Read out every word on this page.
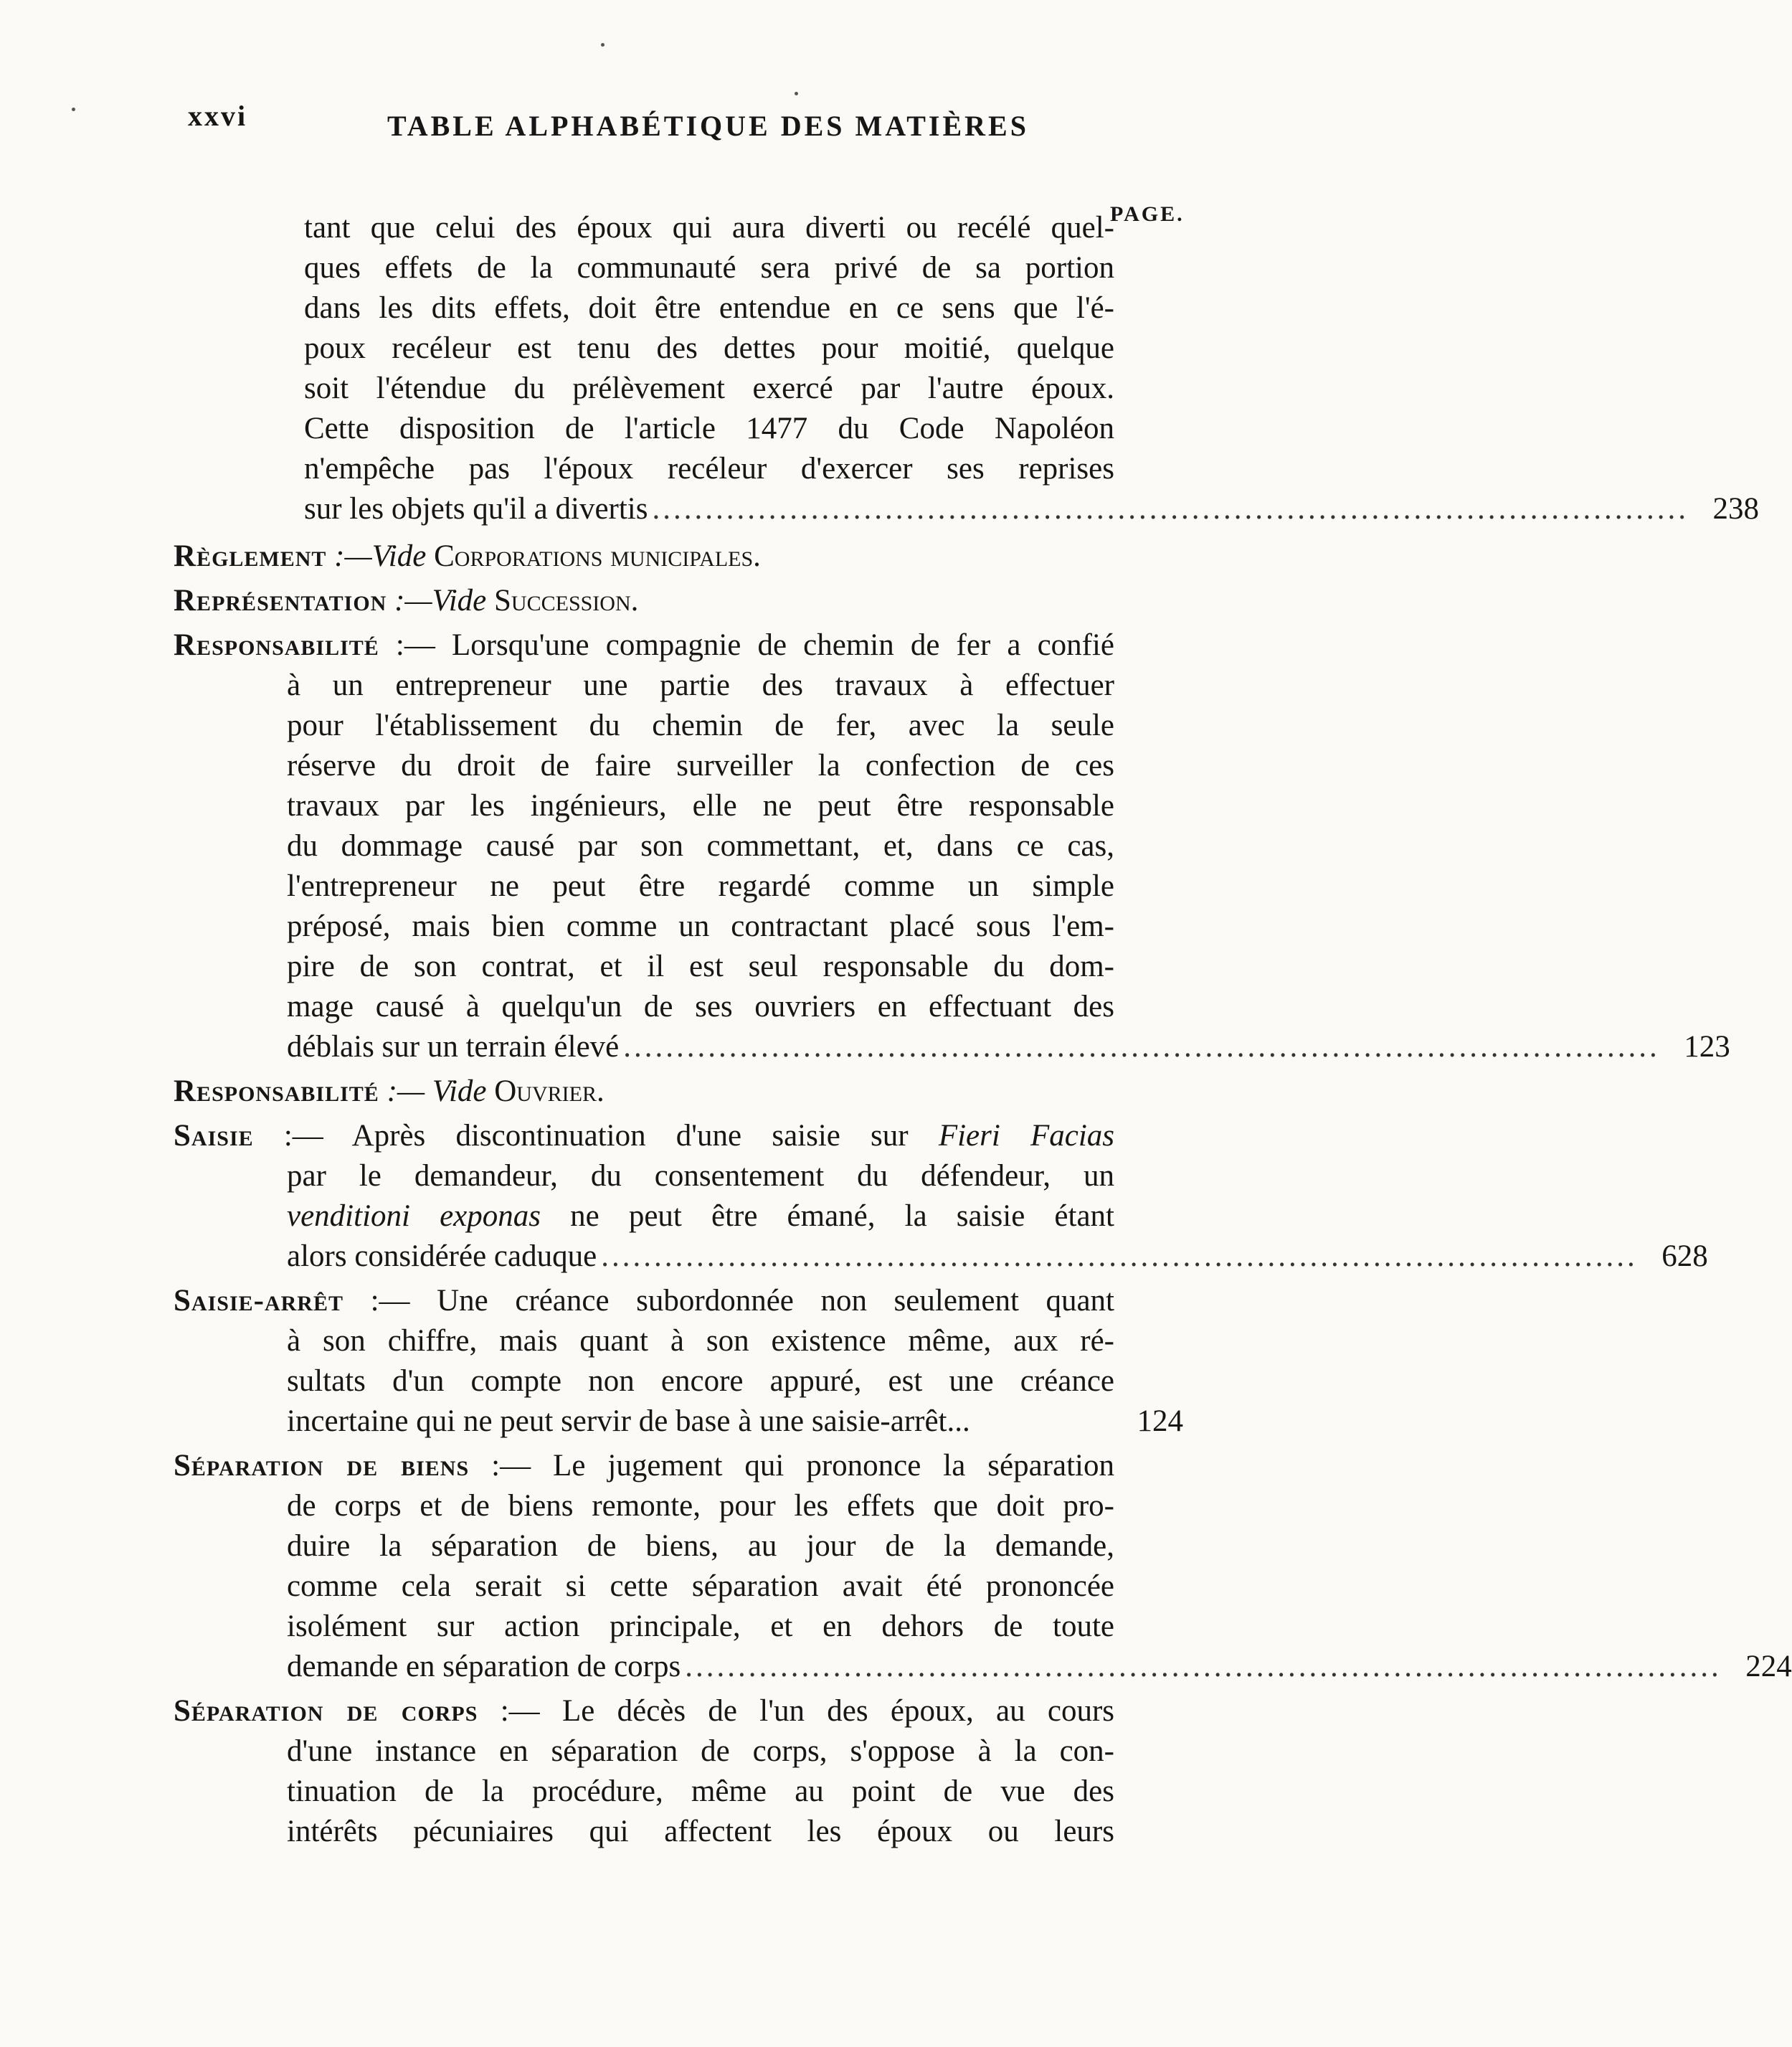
xxvi	TABLE ALPHABÉTIQUE DES MATIÈRES
PAGE.
tant que celui des époux qui aura diverti ou recélé quel-
ques effets de la communauté sera privé de sa portion
dans les dits effets, doit être entendue en ce sens que l'é-
poux recéleur est tenu des dettes pour moitié, quelque
soit l'étendue du prélèvement exercé par l'autre époux.
Cette disposition de l'article 1477 du Code Napoléon
n'empêche pas l'époux recéleur d'exercer ses reprises
sur les objets qu'il a divertis .................................................................................................. 238
Règlement :—Vide Corporations municipales.
Représentation :—Vide Succession.
Responsabilité :— Lorsqu'une compagnie de chemin de fer a confié
à un entrepreneur une partie des travaux à effectuer
pour l'établissement du chemin de fer, avec la seule
réserve du droit de faire surveiller la confection de ces
travaux par les ingénieurs, elle ne peut être responsable
du dommage causé par son commettant, et, dans ce cas,
l'entrepreneur ne peut être regardé comme un simple
préposé, mais bien comme un contractant placé sous l'em-
pire de son contrat, et il est seul responsable du dom-
mage causé à quelqu'un de ses ouvriers en effectuant des
déblais sur un terrain élevé .................................................................................................. 123
Responsabilité :— Vide Ouvrier.
Saisie :— Après discontinuation d'une saisie sur Fieri Facias
par le demandeur, du consentement du défendeur, un
venditioni exponas ne peut être émané, la saisie étant
alors considérée caduque .................................................................................................. 628
Saisie-arrêt :— Une créance subordonnée non seulement quant
à son chiffre, mais quant à son existence même, aux ré-
sultats d'un compte non encore appuré, est une créance
incertaine qui ne peut servir de base à une saisie-arrêt...	124
Séparation de biens :— Le jugement qui prononce la séparation
de corps et de biens remonte, pour les effets que doit pro-
duire la séparation de biens, au jour de la demande,
comme cela serait si cette séparation avait été prononcée
isolément sur action principale, et en dehors de toute
demande en séparation de corps .................................................................................................. 224
Séparation de corps :— Le décès de l'un des époux, au cours
d'une instance en séparation de corps, s'oppose à la con-
tinuation de la procédure, même au point de vue des
intérêts pécuniaires qui affectent les époux ou leurs
